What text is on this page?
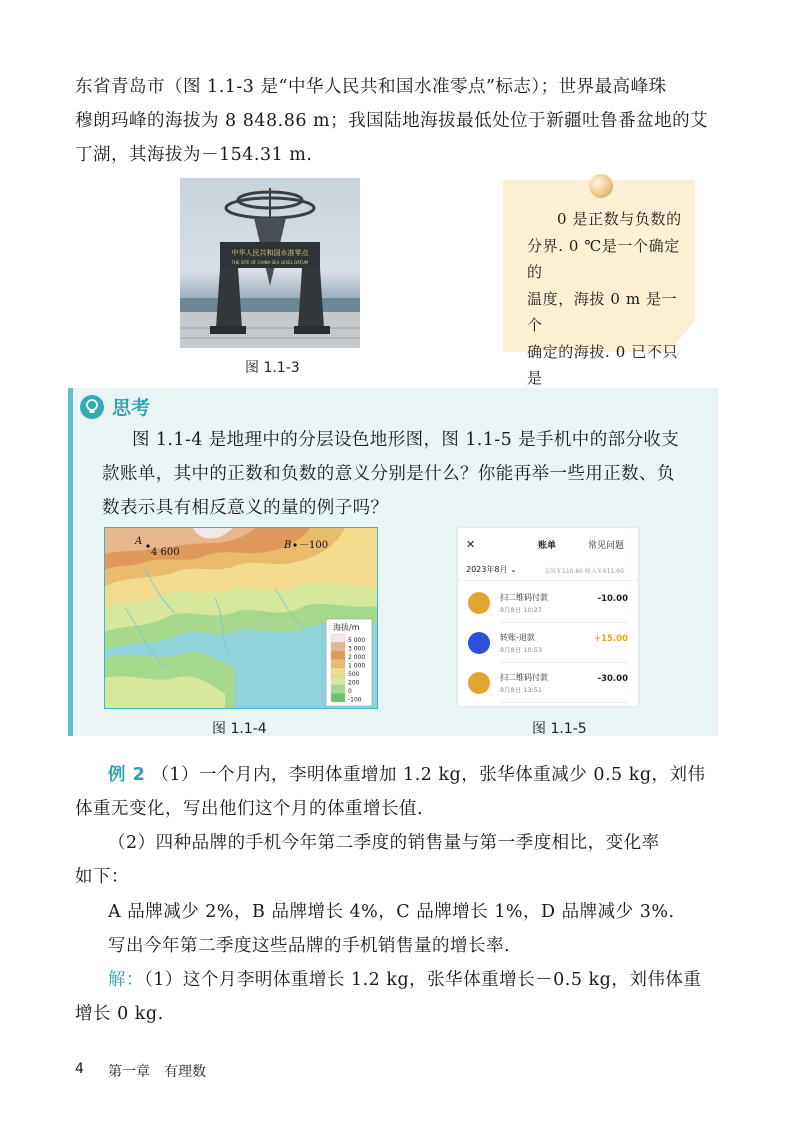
东省青岛市（图 1.1-3 是“中华人民共和国水准零点”标志）；世界最高峰珠

穆朗玛峰的海拔为 8 848.86 m；我国陆地海拔最低处位于新疆吐鲁番盆地的艾

丁湖，其海拔为－154.31 m.

中华人民共和国水准零点
THE SITE OF CHINA SEA LEVEL DATUM
图 1.1-3
0 是正数与负数的
分界. 0 ℃是一个确定的
温度，海拔 0 m 是一个
确定的海拔. 0 已不只是
思考
图 1.1-4 是地理中的分层设色地形图，图 1.1-5 是手机中的部分收支
款账单，其中的正数和负数的意义分别是什么？你能再举一些用正数、负
数表示具有相反意义的量的例子吗？
A
4 600
B －100
海拔/m
5 000
3 000
2 000
1 000
500
200
0
-100
图 1.1-4
✕	账单	常见问题
2023年8月 ⌄	支出￥110.60 收入￥611.60
扫二维码付款
8月8日 10:27
-10.00
转账-退款
8月8日 10:53
+15.00
扫二维码付款
8月8日 13:51
-30.00
图 1.1-5
例 2 （1）一个月内，李明体重增加 1.2 kg，张华体重减少 0.5 kg，刘伟

体重无变化，写出他们这个月的体重增长值.

（2）四种品牌的手机今年第二季度的销售量与第一季度相比，变化率

如下：

A 品牌减少 2%，B 品牌增长 4%，C 品牌增长 1%，D 品牌减少 3%.

写出今年第二季度这些品牌的手机销售量的增长率.

解：（1）这个月李明体重增长 1.2 kg，张华体重增长－0.5 kg，刘伟体重

增长 0 kg.

4 第一章　有理数
